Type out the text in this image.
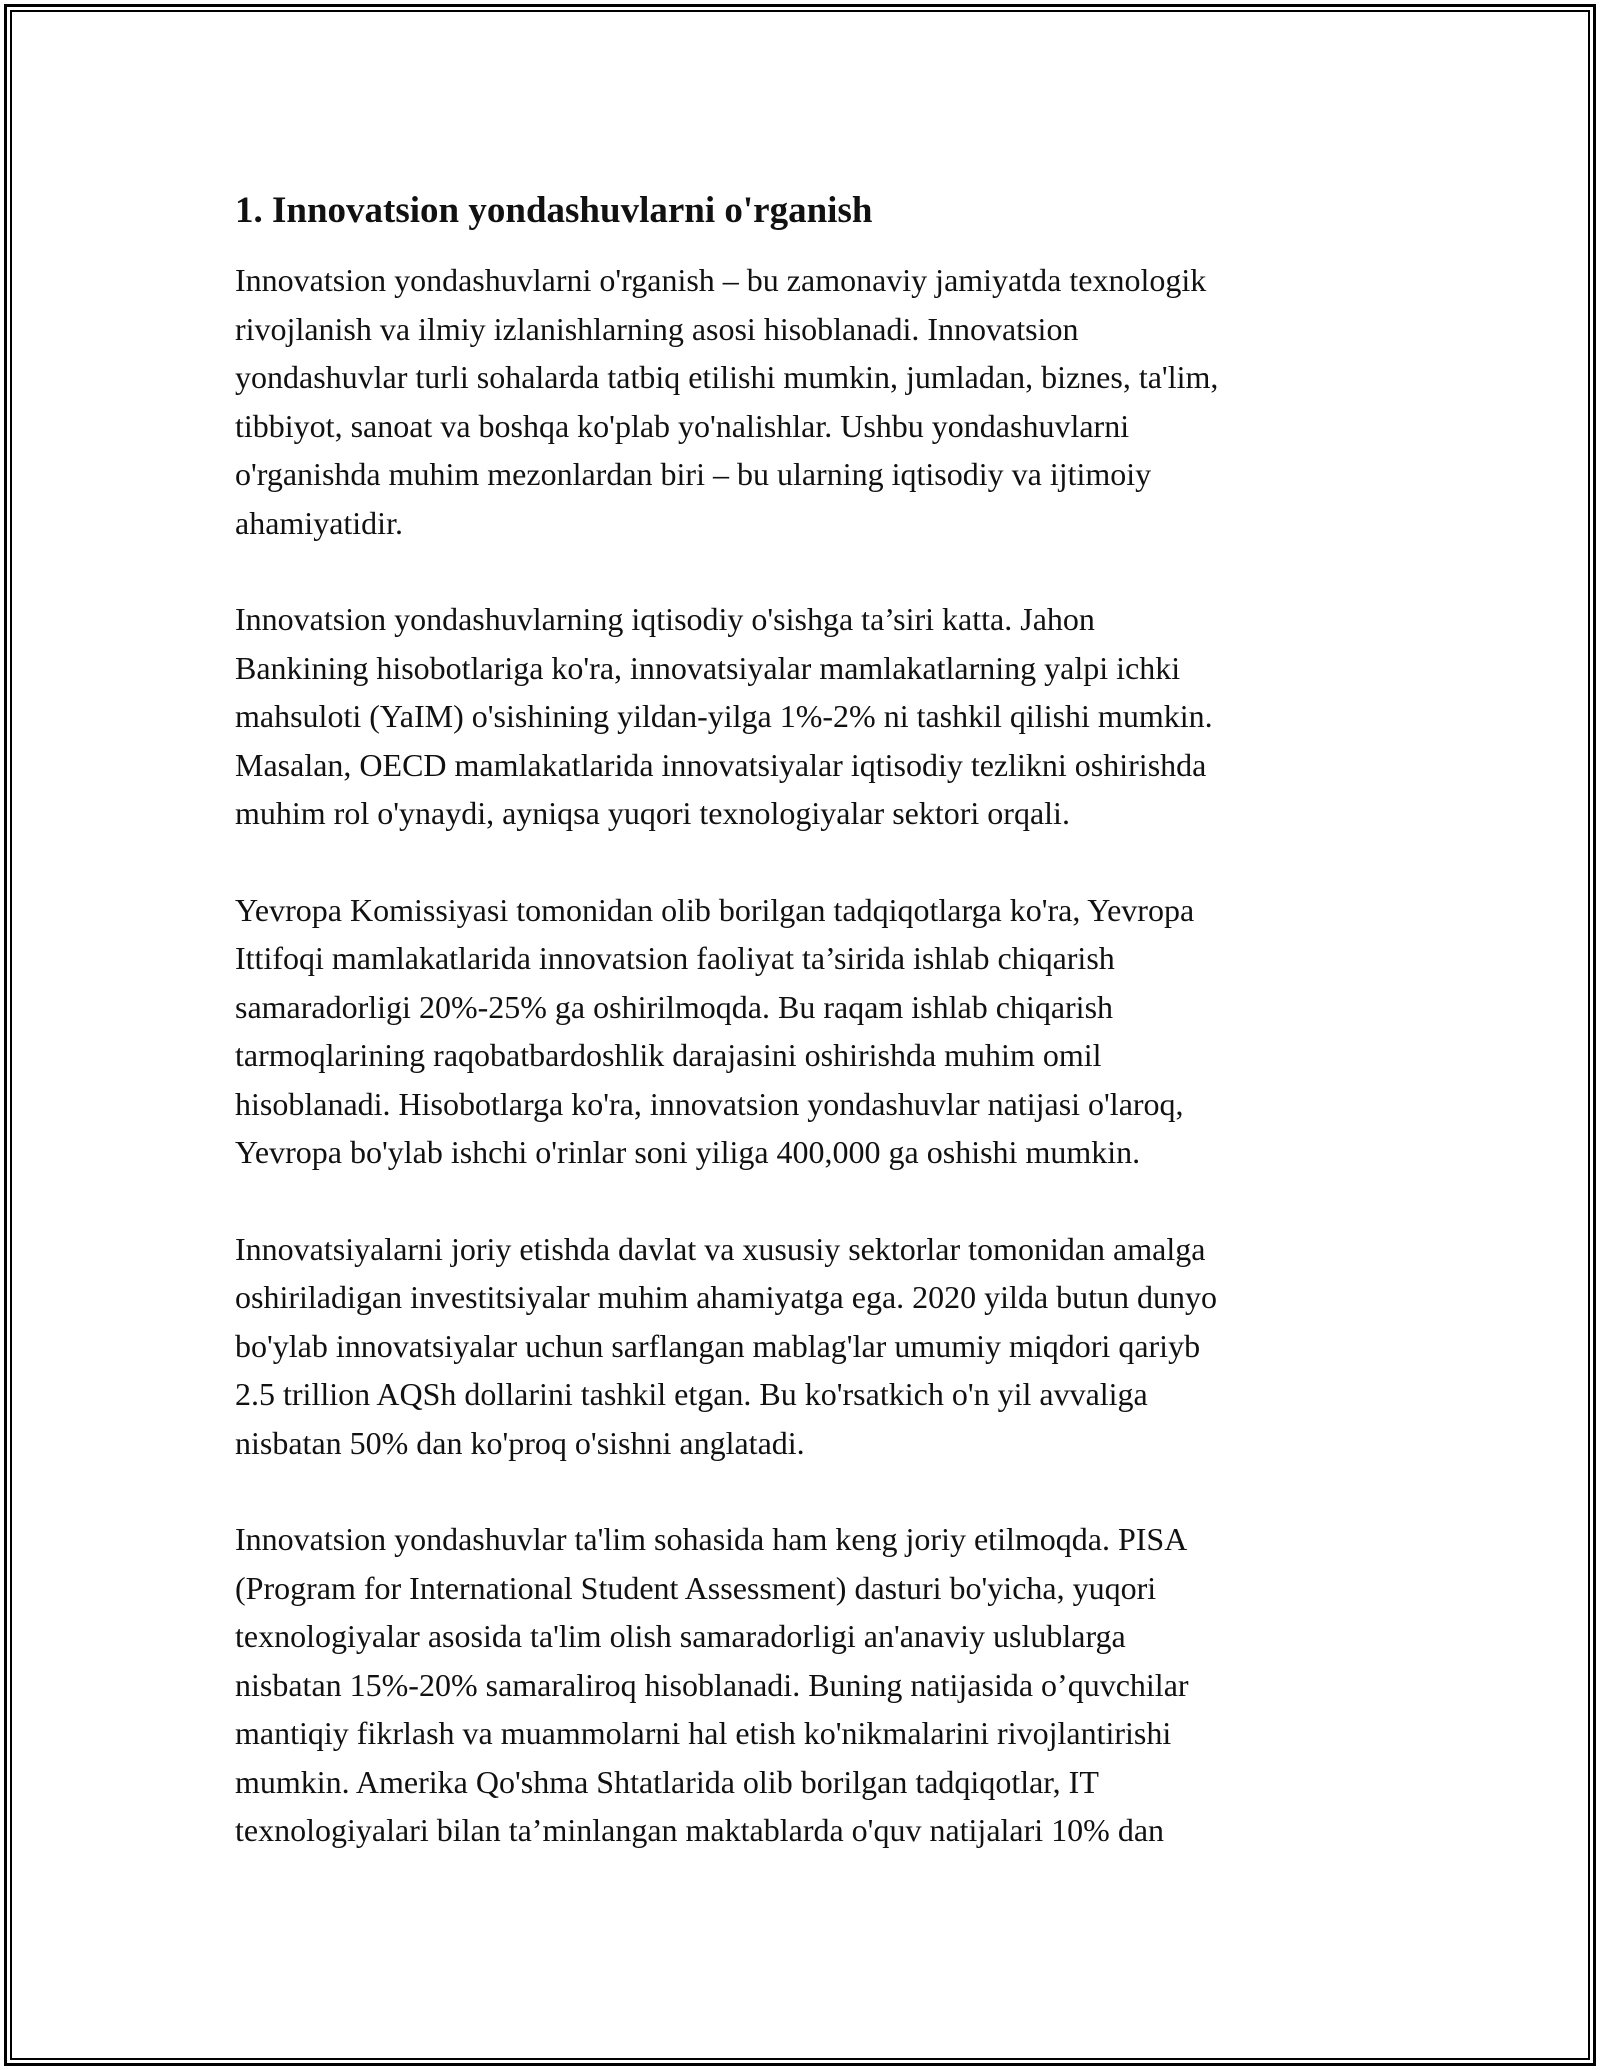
1. Innovatsion yondashuvlarni o'rganish

Innovatsion yondashuvlarni o'rganish – bu zamonaviy jamiyatda texnologik
rivojlanish va ilmiy izlanishlarning asosi hisoblanadi. Innovatsion
yondashuvlar turli sohalarda tatbiq etilishi mumkin, jumladan, biznes, ta'lim,
tibbiyot, sanoat va boshqa ko'plab yo'nalishlar. Ushbu yondashuvlarni
o'rganishda muhim mezonlardan biri – bu ularning iqtisodiy va ijtimoiy
ahamiyatidir.

Innovatsion yondashuvlarning iqtisodiy o'sishga ta’siri katta. Jahon
Bankining hisobotlariga ko'ra, innovatsiyalar mamlakatlarning yalpi ichki
mahsuloti (YaIM) o'sishining yildan-yilga 1%-2% ni tashkil qilishi mumkin.
Masalan, OECD mamlakatlarida innovatsiyalar iqtisodiy tezlikni oshirishda
muhim rol o'ynaydi, ayniqsa yuqori texnologiyalar sektori orqali.

Yevropa Komissiyasi tomonidan olib borilgan tadqiqotlarga ko'ra, Yevropa
Ittifoqi mamlakatlarida innovatsion faoliyat ta’sirida ishlab chiqarish
samaradorligi 20%-25% ga oshirilmoqda. Bu raqam ishlab chiqarish
tarmoqlarining raqobatbardoshlik darajasini oshirishda muhim omil
hisoblanadi. Hisobotlarga ko'ra, innovatsion yondashuvlar natijasi o'laroq,
Yevropa bo'ylab ishchi o'rinlar soni yiliga 400,000 ga oshishi mumkin.

Innovatsiyalarni joriy etishda davlat va xususiy sektorlar tomonidan amalga
oshiriladigan investitsiyalar muhim ahamiyatga ega. 2020 yilda butun dunyo
bo'ylab innovatsiyalar uchun sarflangan mablag'lar umumiy miqdori qariyb
2.5 trillion AQSh dollarini tashkil etgan. Bu ko'rsatkich o'n yil avvaliga
nisbatan 50% dan ko'proq o'sishni anglatadi.

Innovatsion yondashuvlar ta'lim sohasida ham keng joriy etilmoqda. PISA
(Program for International Student Assessment) dasturi bo'yicha, yuqori
texnologiyalar asosida ta'lim olish samaradorligi an'anaviy uslublarga
nisbatan 15%-20% samaraliroq hisoblanadi. Buning natijasida o’quvchilar
mantiqiy fikrlash va muammolarni hal etish ko'nikmalarini rivojlantirishi
mumkin. Amerika Qo'shma Shtatlarida olib borilgan tadqiqotlar, IT
texnologiyalari bilan ta’minlangan maktablarda o'quv natijalari 10% dan
